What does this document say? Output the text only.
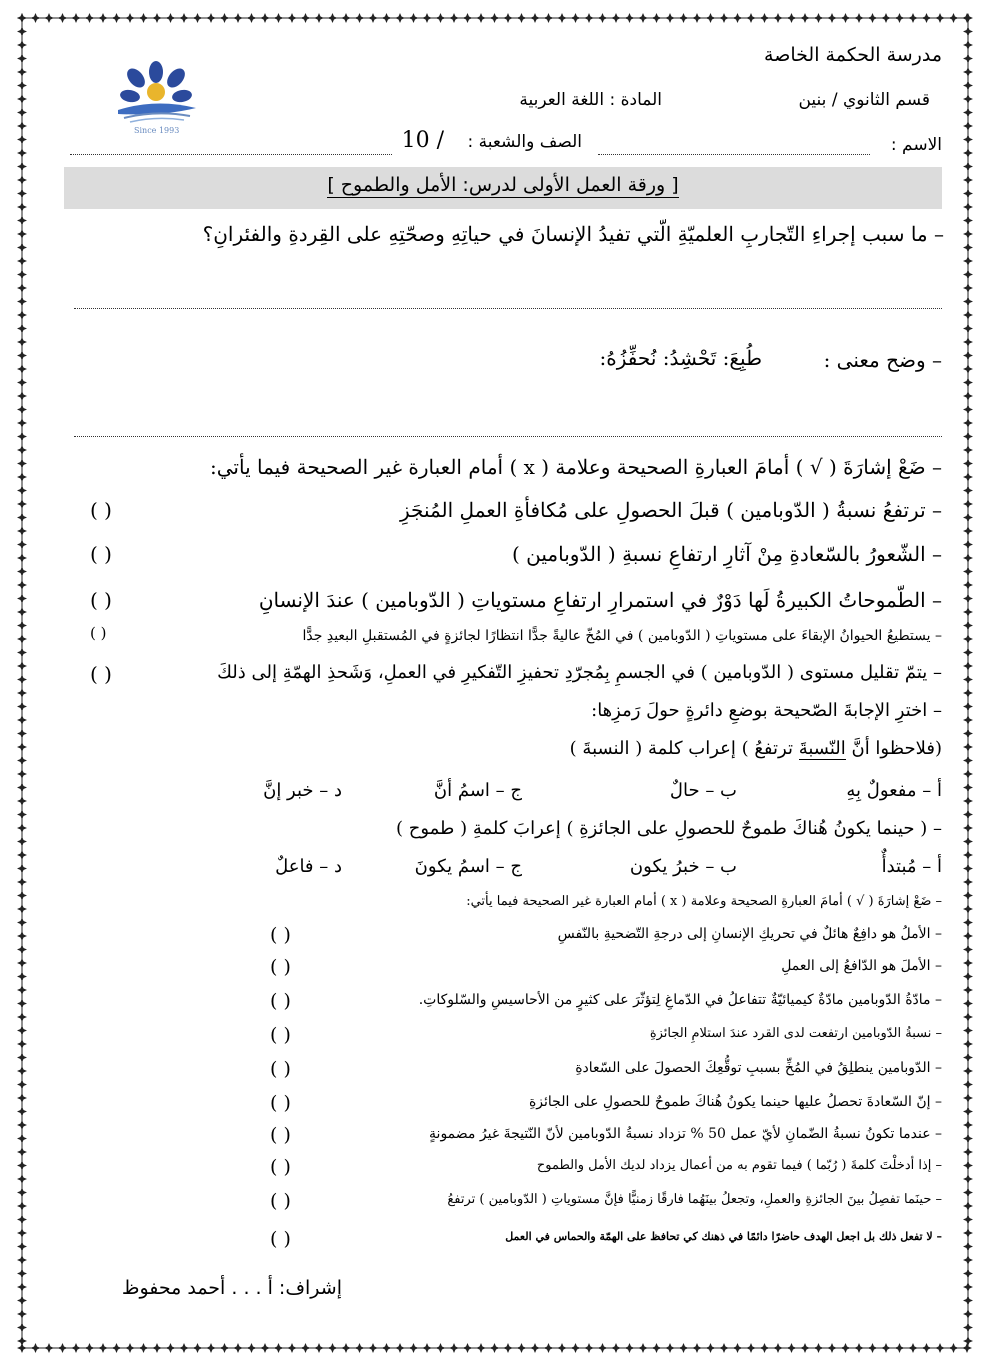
Since 1993
مدرسة الحكمة الخاصة
قسم الثانوي / بنين
المادة : اللغة العربية
الاسم :
الصف والشعبة :
10 /
[ ورقة العمل الأولى لدرس: الأمل والطموح ]
– ما سبب إجراءِ التّجاربِ العلميّةِ الّتي تفيدُ الإنسانَ في حياتِهِ وصحّتِهِ على القِردةِ والفئرانِ؟
– وضح معنى :
طُبِعَ: تَحْشِدُ: نُحفِّزُهُ:
– ضَعْ إشارَةَ ( √ ) أمامَ العبارةِ الصحيحة وعلامة ( x ) أمام العبارة غير الصحيحة فيما يأتي:
– ترتفعُ نسبةُ ( الدّوبامين ) قبلَ الحصولِ على مُكافأةِ العملِ المُنجَزِ
( )
– الشّعورُ بالسّعادةِ مِنْ آثارِ ارتفاعِ نسبةِ ( الدّوبامين )
( )
– الطّموحاتُ الكبيرةُ لَها دَوْرٌ في استمرارِ ارتفاعِ مستوياتِ ( الدّوبامين ) عندَ الإنسانِ
( )
– يستطيعُ الحيوانُ الإبقاءَ على مستوياتِ ( الدّوبامين ) في المُخّ عاليةً جدًّا انتظارًا لجائزةٍ في المُستقبلِ البعيدِ جدًّا
( )
– يتمّ تقليل مستوى ( الدّوبامين ) في الجسمِ بِمُجرّدِ تحفيزِ التّفكيرِ في العملِ، وَشَحذِ الهمّةِ إلى ذلكَ
( )
– اخترِ الإجابةَ الصّحيحة بوضعِ دائرةٍ حولَ رَمزِها:
(فلاحظوا أنَّ النّسبةَ ترتفعُ ) إعراب كلمة ( النسبةَ )
أ – مفعولٌ بِهِ
ب – حالٌ
ج – اسمُ أنَّ
د – خبر إنَّ
– ( حينما يكونُ هُناكَ طموحٌ للحصولِ على الجائزةِ ) إعرابَ كلمةِ ( طموح )
أ – مُبتدأٌ
ب – خبرُ يكون
ج – اسمُ يكونَ
د – فاعلٌ
– ضَعْ إشارَةَ ( √ ) أمامَ العبارةِ الصحيحة وعلامة ( x ) أمام العبارة غير الصحيحة فيما يأتي:
– الأملُ هو دافِعٌ هائلٌ في تحريكِ الإنسانِ إلى درجةِ التّضحيةِ بالنّفسِ
( )
– الأملَ هو الدّافعُ إلى العملِ
( )
– مادّةُ الدّوبامين مادّةٌ كيميائيّةٌ تتفاعلُ في الدّماغِ لِتؤثّرَ على كثيرٍ من الأحاسيسِ والسّلوكاتِ.
( )
– نسبةُ الدّوبامين ارتفعت لدى القرد عندَ استلامِ الجائزةِ
( )
– الدّوبامين ينطلِقُ في المُخِّ بسببِ توقُّعِكَ الحصولَ على السّعادةِ
( )
– إنّ السّعادةَ تحصلُ عليها حينما يكونُ هُناكَ طموحٌ للحصولِ على الجائزةِ
( )
– عندما تكونُ نسبةُ الضّمانِ لأيّ عمل 50 % تزداد نسبةُ الدّوبامين لأنّ النّتيجةَ غيرُ مضمونةٍ
( )
– إذا أدخلْتَ كلمةَ ( رُبّما ) فيما تقوم به من أعمال يزداد لديك الأمل والطموح
( )
– حينَما تفصِلُ بينَ الجائزةِ والعملِ، وتجعلُ بينَهُما فارقًا زمنيًّا فإنَّ مستوياتِ ( الدّوبامين ) ترتفعُ
( )
– لا تفعل ذلك بل اجعل الهدف حاضرًا دائمًا في ذهنك كي تحافظ على الهمّة والحماس في العمل
( )
إشراف: أ . . . أحمد محفوظ
